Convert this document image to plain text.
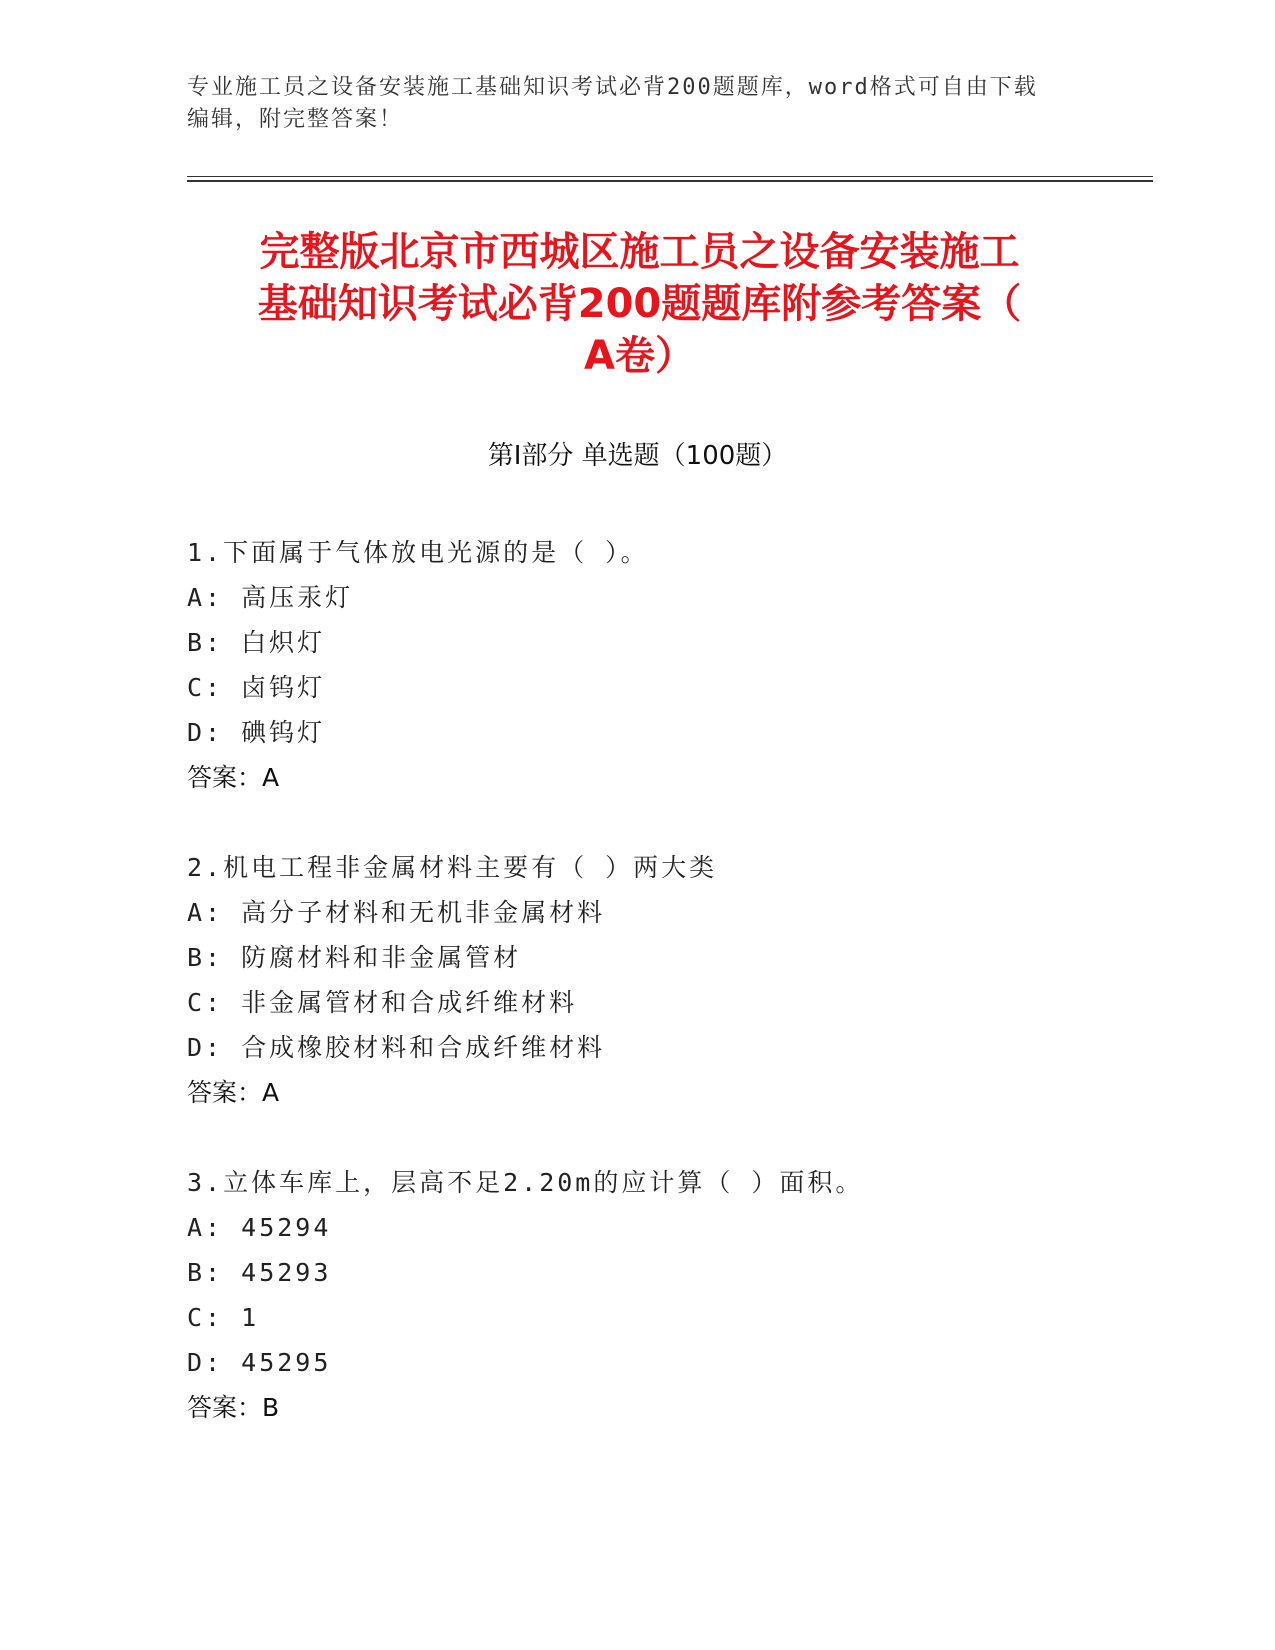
专业施工员之设备安装施工基础知识考试必背200题题库，word格式可自由下载
编辑，附完整答案！
完整版北京市西城区施工员之设备安装施工
基础知识考试必背200题题库附参考答案（
A卷）
第Ⅰ部分 单选题（100题）
1.下面属于气体放电光源的是（ ）。
A: 高压汞灯
B: 白炽灯
C: 卤钨灯
D: 碘钨灯
答案：A
2.机电工程非金属材料主要有（ ）两大类
A: 高分子材料和无机非金属材料
B: 防腐材料和非金属管材
C: 非金属管材和合成纤维材料
D: 合成橡胶材料和合成纤维材料
答案：A
3.立体车库上，层高不足2.20m的应计算（ ）面积。
A: 45294
B: 45293
C: 1
D: 45295
答案：B
